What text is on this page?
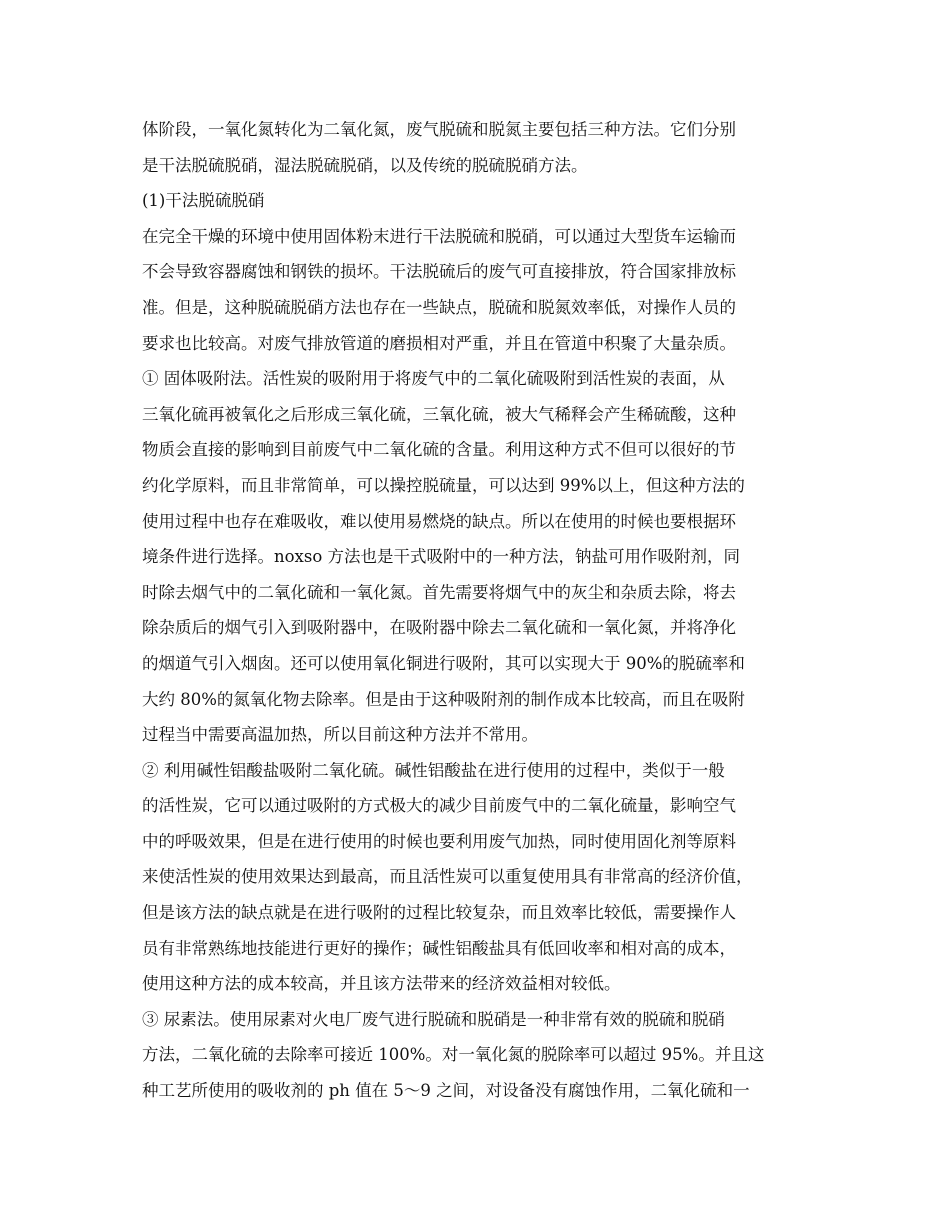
体阶段，一氧化氮转化为二氧化氮，废气脱硫和脱氮主要包括三种方法。它们分别
是干法脱硫脱硝，湿法脱硫脱硝，以及传统的脱硫脱硝方法。
(1)干法脱硫脱硝
在完全干燥的环境中使用固体粉末进行干法脱硫和脱硝，可以通过大型货车运输而
不会导致容器腐蚀和钢铁的损坏。干法脱硫后的废气可直接排放，符合国家排放标
准。但是，这种脱硫脱硝方法也存在一些缺点，脱硫和脱氮效率低，对操作人员的
要求也比较高。对废气排放管道的磨损相对严重，并且在管道中积聚了大量杂质。
① 固体吸附法。活性炭的吸附用于将废气中的二氧化硫吸附到活性炭的表面，从
三氧化硫再被氧化之后形成三氧化硫，三氧化硫，被大气稀释会产生稀硫酸，这种
物质会直接的影响到目前废气中二氧化硫的含量。利用这种方式不但可以很好的节
约化学原料，而且非常简单，可以操控脱硫量，可以达到 99%以上，但这种方法的
使用过程中也存在难吸收，难以使用易燃烧的缺点。所以在使用的时候也要根据环
境条件进行选择。noxso 方法也是干式吸附中的一种方法，钠盐可用作吸附剂，同
时除去烟气中的二氧化硫和一氧化氮。首先需要将烟气中的灰尘和杂质去除，将去
除杂质后的烟气引入到吸附器中，在吸附器中除去二氧化硫和一氧化氮，并将净化
的烟道气引入烟囱。还可以使用氧化铜进行吸附，其可以实现大于 90%的脱硫率和
大约 80%的氮氧化物去除率。但是由于这种吸附剂的制作成本比较高，而且在吸附
过程当中需要高温加热，所以目前这种方法并不常用。
② 利用碱性铝酸盐吸附二氧化硫。碱性铝酸盐在进行使用的过程中，类似于一般
的活性炭，它可以通过吸附的方式极大的减少目前废气中的二氧化硫量，影响空气
中的呼吸效果，但是在进行使用的时候也要利用废气加热，同时使用固化剂等原料
来使活性炭的使用效果达到最高，而且活性炭可以重复使用具有非常高的经济价值，
但是该方法的缺点就是在进行吸附的过程比较复杂，而且效率比较低，需要操作人
员有非常熟练地技能进行更好的操作；碱性铝酸盐具有低回收率和相对高的成本，
使用这种方法的成本较高，并且该方法带来的经济效益相对较低。
③ 尿素法。使用尿素对火电厂废气进行脱硫和脱硝是一种非常有效的脱硫和脱硝
方法，二氧化硫的去除率可接近 100%。对一氧化氮的脱除率可以超过 95%。并且这
种工艺所使用的吸收剂的 ph 值在 5～9 之间，对设备没有腐蚀作用，二氧化硫和一
